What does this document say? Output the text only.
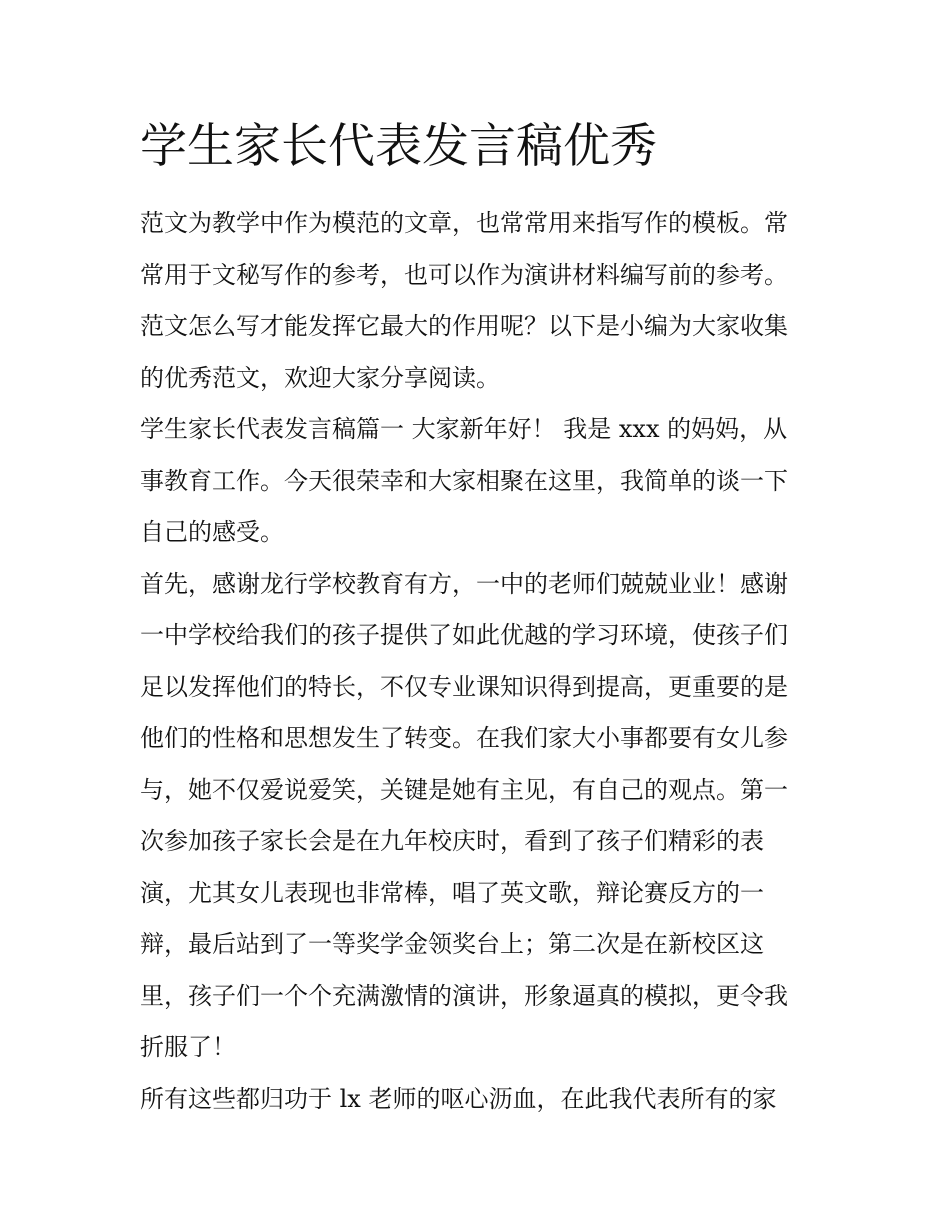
学生家长代表发言稿优秀
范文为教学中作为模范的文章，也常常用来指写作的模板。常
常用于文秘写作的参考，也可以作为演讲材料编写前的参考。
范文怎么写才能发挥它最大的作用呢？以下是小编为大家收集
的优秀范文，欢迎大家分享阅读。
学生家长代表发言稿篇一 大家新年好！ 我是 xxx 的妈妈，从
事教育工作。今天很荣幸和大家相聚在这里，我简单的谈一下
自己的感受。
首先，感谢龙行学校教育有方，一中的老师们兢兢业业！感谢
一中学校给我们的孩子提供了如此优越的学习环境，使孩子们
足以发挥他们的特长，不仅专业课知识得到提高，更重要的是
他们的性格和思想发生了转变。在我们家大小事都要有女儿参
与，她不仅爱说爱笑，关键是她有主见，有自己的观点。第一
次参加孩子家长会是在九年校庆时，看到了孩子们精彩的表
演，尤其女儿表现也非常棒，唱了英文歌，辩论赛反方的一
辩，最后站到了一等奖学金领奖台上；第二次是在新校区这
里，孩子们一个个充满激情的演讲，形象逼真的模拟，更令我
折服了！
所有这些都归功于 lx 老师的呕心沥血，在此我代表所有的家
